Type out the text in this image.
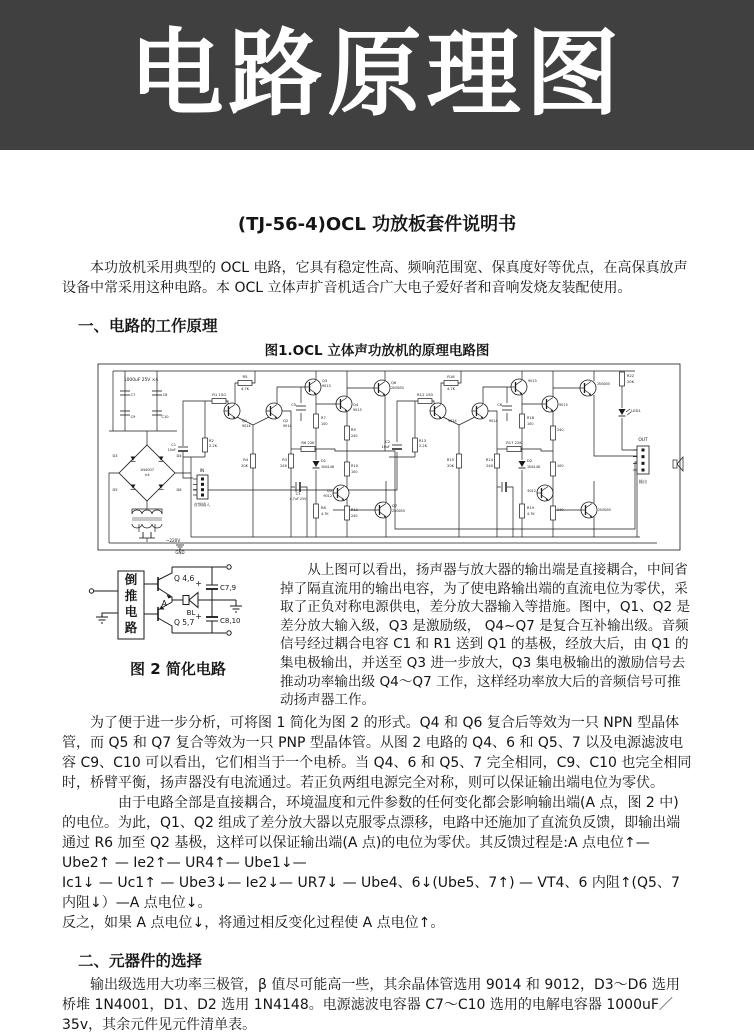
电路原理图
(TJ-56-4)OCL 功放板套件说明书
本功放机采用典型的 OCL 电路，它具有稳定性高、频响范围宽、保真度好等优点，在高保真放声设备中常采用这种电路。本 OCL 立体声扩音机适合广大电子爱好者和音响发烧友装配使用。
一、电路的工作原理
图1.OCL 立体声功放机的原理电路图
1000uF 25V ×4
C7	C8
C9	C10
1N4007
×4
D3	D4
D5	D6
~220V
GND
IN
音频输入
R1 150
C1
10uF
R2
2.2K
R5
4.7K
Q1
9014
Q2
9014
R4
20K
R3
240
R6 22K
R7
100
D1
1N4148
R8
4.7K
C5
Q3
9013
Q4
9013
Q6
2N3055
Q5
9012
Q7
2N3055
R9
240
R10
100
R11
240
C3
4.7uF 25V
R12 150
C2
10uF
R13
2.2K
R16
4.7K
9014	9014
R15
20K
R14
240
R17 22K
R18
100
D2
1N4148
R19
4.7K
C6
9013
9013
9012
2N3055
2N3055
240
100
240
R22
20K
LED1
OUT
输出
倒
推
电
路
Q 4,6
Q 5,7
A
BL
+
+
C7,9
C8,10
图 2 简化电路
从上图可以看出，扬声器与放大器的输出端是直接耦合，中间省掉了隔直流用的输出电容，为了使电路输出端的直流电位为零伏，采取了正负对称电源供电，差分放大器输入等措施。图中，Q1、Q2 是差分放大输入级，Q3 是激励级， Q4~Q7 是复合互补输出级。音频信号经过耦合电容 C1 和 R1 送到 Q1 的基极，经放大后，由 Q1 的集电极输出，并送至 Q3 进一步放大，Q3 集电极输出的激励信号去推动功率输出级 Q4～Q7 工作，这样经功率放大后的音频信号可推动扬声器工作。
为了便于进一步分析，可将图 1 简化为图 2 的形式。Q4 和 Q6 复合后等效为一只 NPN 型晶体管，而 Q5 和 Q7 复合等效为一只 PNP 型晶体管。从图 2 电路的 Q4、6 和 Q5、7 以及电源滤波电容 C9、C10 可以看出，它们相当于一个电桥。当 Q4、6 和 Q5、7 完全相同，C9、C10 也完全相同时，桥臂平衡，扬声器没有电流通过。若正负两组电源完全对称，则可以保证输出端电位为零伏。
由于电路全部是直接耦合，环境温度和元件参数的任何变化都会影响输出端(A 点，图 2 中)的电位。为此，Q1、Q2 组成了差分放大器以克服零点漂移，电路中还施加了直流负反馈，即输出端通过 R6 加至 Q2 基极，这样可以保证输出端(A 点)的电位为零伏。其反馈过程是:A 点电位↑— Ube2↑ — Ie2↑— UR4↑— Ube1↓—
Ic1↓ — Uc1↑ — Ube3↓— Ie2↓— UR7↓ — Ube4、6↓(Ube5、7↑) — VT4、6 内阻↑(Q5、7 内阻↓）—A 点电位↓。
反之，如果 A 点电位↓，将通过相反变化过程使 A 点电位↑。
二、元器件的选择
输出级选用大功率三极管，β 值尽可能高一些，其余晶体管选用 9014 和 9012，D3～D6 选用桥堆 1N4001，D1、D2 选用 1N4148。电源滤波电容器 C7～C10 选用的电解电容器 1000uF／35v，其余元件见元件清单表。
